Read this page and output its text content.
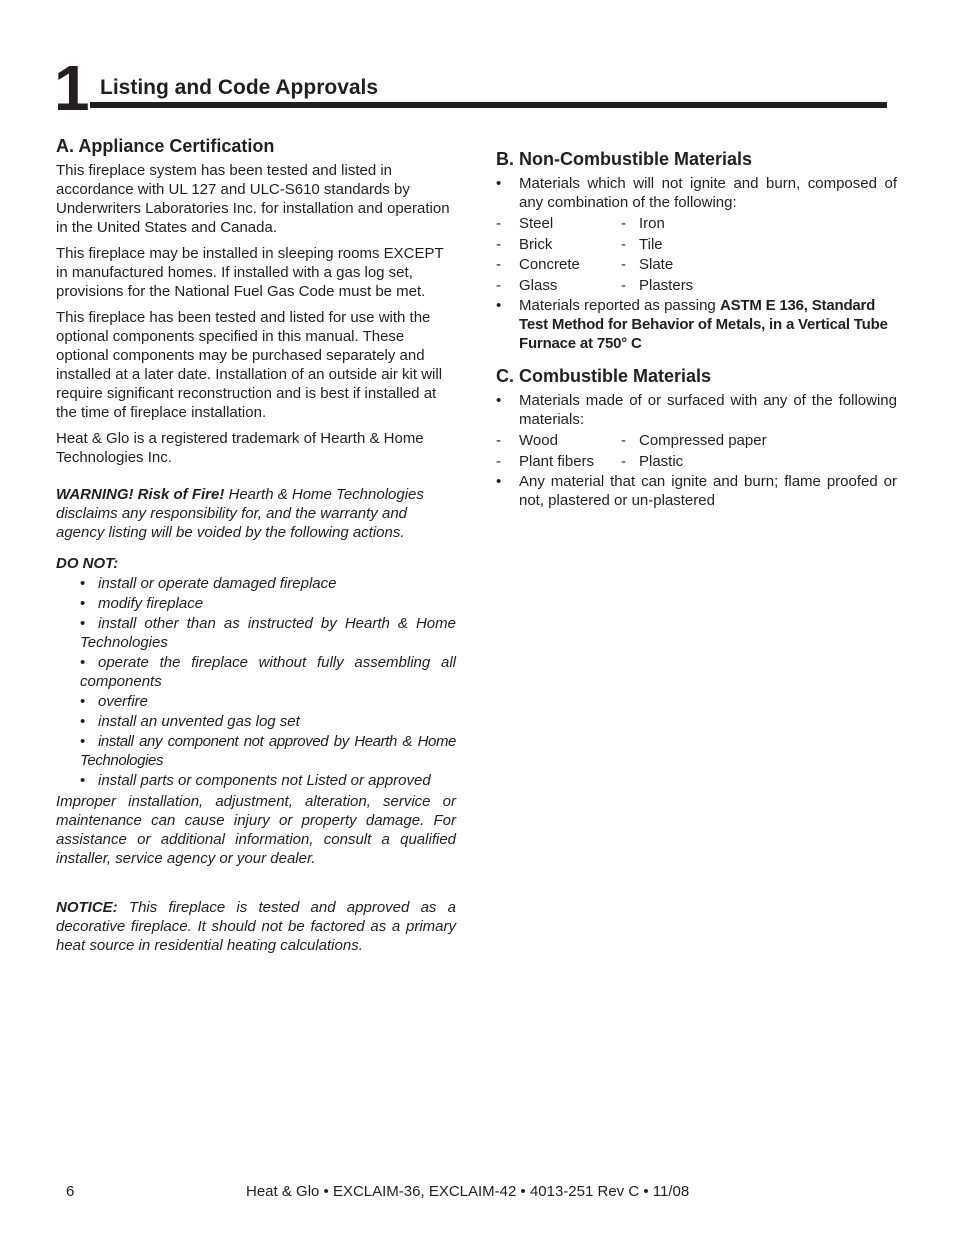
1 Listing and Code Approvals
A. Appliance Certification

This fireplace system has been tested and listed in accordance with UL 127 and ULC-S610 standards by Underwriters Laboratories Inc. for installation and operation in the United States and Canada.

This fireplace may be installed in sleeping rooms EXCEPT in manufactured homes. If installed with a gas log set, provisions for the National Fuel Gas Code must be met.

This fireplace has been tested and listed for use with the optional components specified in this manual. These optional components may be purchased separately and installed at a later date. Installation of an outside air kit will require significant reconstruction and is best if installed at the time of fireplace installation.

Heat & Glo is a registered trademark of Hearth & Home Technologies Inc.

WARNING! Risk of Fire! Hearth & Home Technologies disclaims any responsibility for, and the warranty and agency listing will be voided by the following actions.

DO NOT:
• install or operate damaged fireplace
• modify fireplace
• install other than as instructed by Hearth & Home Technologies
• operate the fireplace without fully assembling all components
• overfire
• install an unvented gas log set
• install any component not approved by Hearth & Home Technologies
• install parts or components not Listed or approved

Improper installation, adjustment, alteration, service or maintenance can cause injury or property damage. For assistance or additional information, consult a qualified installer, service agency or your dealer.

NOTICE: This fireplace is tested and approved as a decorative fireplace. It should not be factored as a primary heat source in residential heating calculations.

B. Non-Combustible Materials
• Materials which will not ignite and burn, composed of any combination of the following:
-	Steel	- Iron
-	Brick	- Tile
-	Concrete	- Slate
-	Glass	- Plasters
• Materials reported as passing ASTM E 136, Standard Test Method for Behavior of Metals, in a Vertical Tube Furnace at 750° C
C. Combustible Materials
• Materials made of or surfaced with any of the following materials:
-	Wood	- Compressed paper
-	Plant fibers	- Plastic
• Any material that can ignite and burn; flame proofed or not, plastered or un-plastered
6	Heat & Glo • EXCLAIM-36, EXCLAIM-42 • 4013-251 Rev C • 11/08
